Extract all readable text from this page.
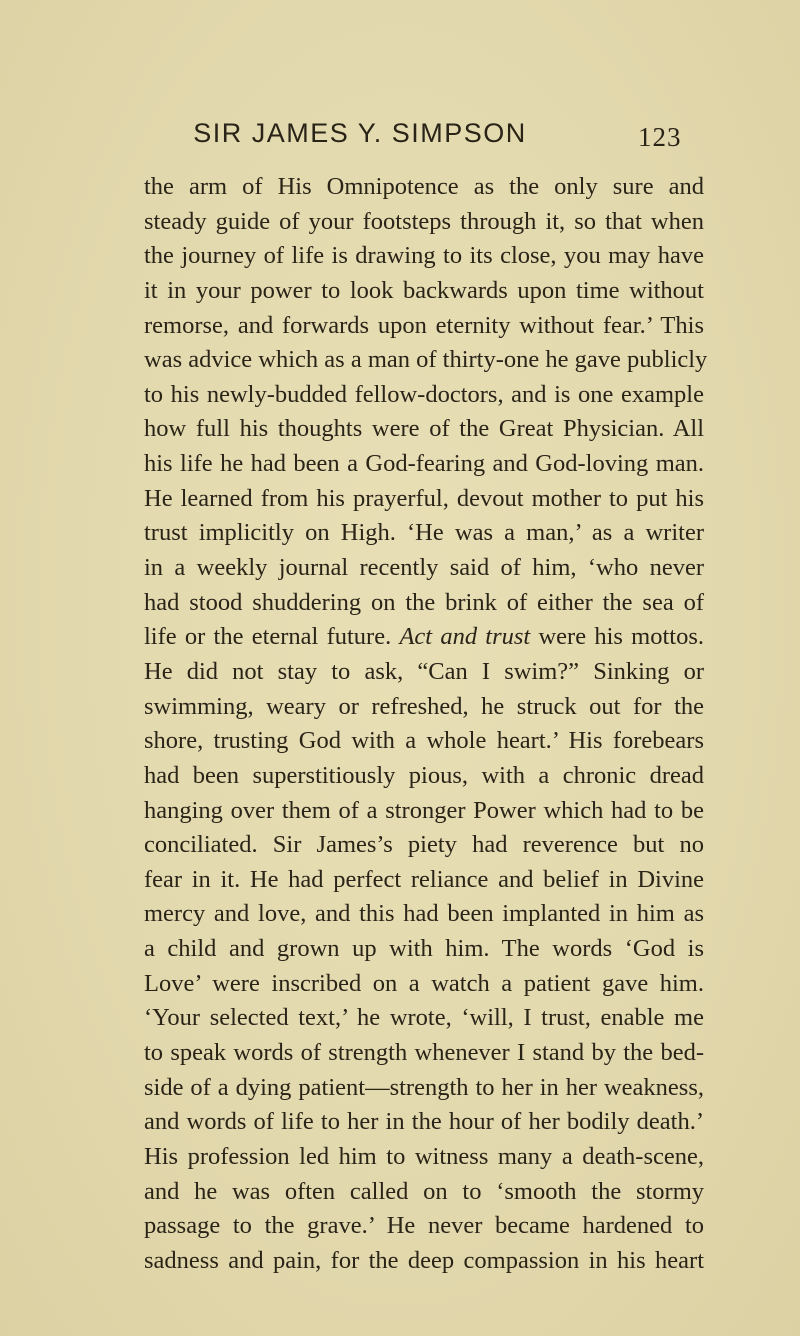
SIR JAMES Y. SIMPSON	123
the arm of His Omnipotence as the only sure and
steady guide of your footsteps through it, so that when
the journey of life is drawing to its close, you may have
it in your power to look backwards upon time without
remorse, and forwards upon eternity without fear.’ This
was advice which as a man of thirty-one he gave publicly
to his newly-budded fellow-doctors, and is one example
how full his thoughts were of the Great Physician. All
his life he had been a God-fearing and God-loving man.
He learned from his prayerful, devout mother to put his
trust implicitly on High. ‘He was a man,’ as a writer
in a weekly journal recently said of him, ‘who never
had stood shuddering on the brink of either the sea of
life or the eternal future. Act and trust were his mottos.
He did not stay to ask, “Can I swim?” Sinking or
swimming, weary or refreshed, he struck out for the
shore, trusting God with a whole heart.’ His forebears
had been superstitiously pious, with a chronic dread
hanging over them of a stronger Power which had to be
conciliated. Sir James’s piety had reverence but no
fear in it. He had perfect reliance and belief in Divine
mercy and love, and this had been implanted in him as
a child and grown up with him. The words ‘God is
Love’ were inscribed on a watch a patient gave him.
‘Your selected text,’ he wrote, ‘will, I trust, enable me
to speak words of strength whenever I stand by the bed-
side of a dying patient—strength to her in her weakness,
and words of life to her in the hour of her bodily death.’
His profession led him to witness many a death-scene,
and he was often called on to ‘smooth the stormy
passage to the grave.’ He never became hardened to
sadness and pain, for the deep compassion in his heart
